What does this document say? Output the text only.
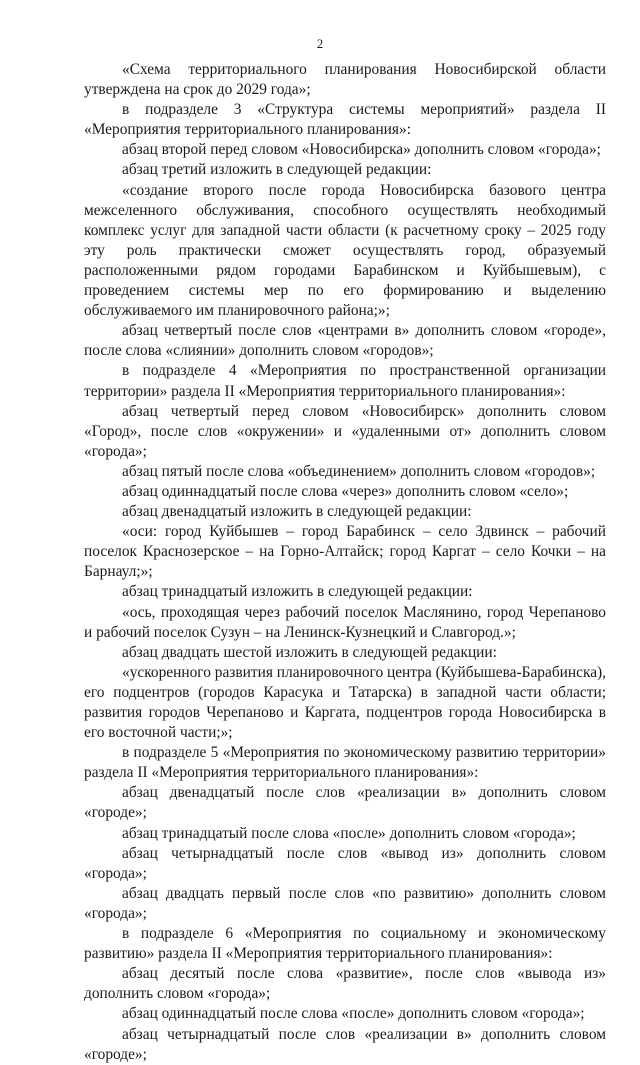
2

«Схема территориального планирования Новосибирской области утверждена на срок до 2029 года»;

в подразделе 3 «Структура системы мероприятий» раздела II «Мероприятия территориального планирования»:

абзац второй перед словом «Новосибирска» дополнить словом «города»;

абзац третий изложить в следующей редакции:

«создание второго после города Новосибирска базового центра межселенного обслуживания, способного осуществлять необходимый комплекс услуг для западной части области (к расчетному сроку – 2025 году эту роль практически сможет осуществлять город, образуемый расположенными рядом городами Барабинском и Куйбышевым), с проведением системы мер по его формированию и выделению обслуживаемого им планировочного района;»;

абзац четвертый после слов «центрами в» дополнить словом «городе», после слова «слиянии» дополнить словом «городов»;

в подразделе 4 «Мероприятия по пространственной организации территории» раздела II «Мероприятия территориального планирования»:

абзац четвертый перед словом «Новосибирск» дополнить словом «Город», после слов «окружении» и «удаленными от» дополнить словом «города»;

абзац пятый после слова «объединением» дополнить словом «городов»;

абзац одиннадцатый после слова «через» дополнить словом «село»;

абзац двенадцатый изложить в следующей редакции:

«оси: город Куйбышев – город Барабинск – село Здвинск – рабочий поселок Краснозерское – на Горно-Алтайск; город Каргат – село Кочки – на Барнаул;»;

абзац тринадцатый изложить в следующей редакции:

«ось, проходящая через рабочий поселок Маслянино, город Черепаново и рабочий поселок Сузун – на Ленинск-Кузнецкий и Славгород.»;

абзац двадцать шестой изложить в следующей редакции:

«ускоренного развития планировочного центра (Куйбышева-Барабинска), его подцентров (городов Карасука и Татарска) в западной части области; развития городов Черепаново и Каргата, подцентров города Новосибирска в его восточной части;»;

в подразделе 5 «Мероприятия по экономическому развитию территории» раздела II «Мероприятия территориального планирования»:

абзац двенадцатый после слов «реализации в» дополнить словом «городе»;

абзац тринадцатый после слова «после» дополнить словом «города»;

абзац четырнадцатый после слов «вывод из» дополнить словом «города»;

абзац двадцать первый после слов «по развитию» дополнить словом «города»;

в подразделе 6 «Мероприятия по социальному и экономическому развитию» раздела II «Мероприятия территориального планирования»:

абзац десятый после слова «развитие», после слов «вывода из» дополнить словом «города»;

абзац одиннадцатый после слова «после» дополнить словом «города»;

абзац четырнадцатый после слов «реализации в» дополнить словом «городе»;
